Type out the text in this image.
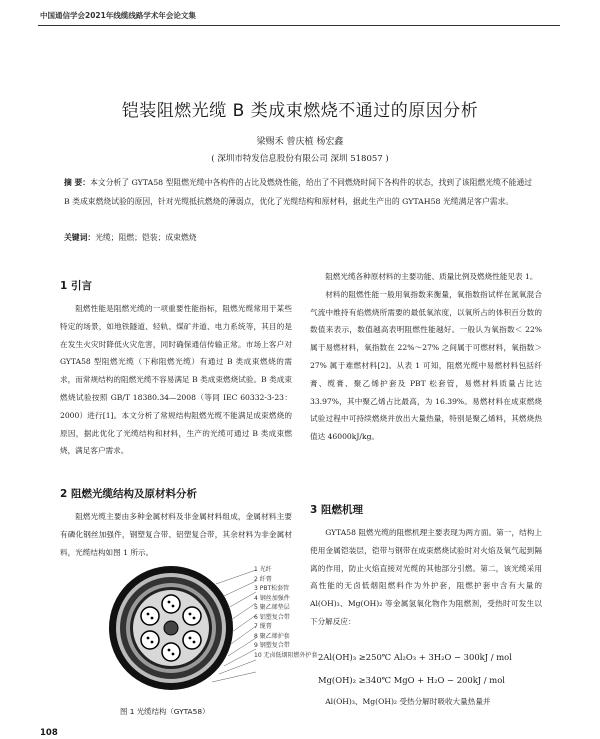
中国通信学会2021年线缆线路学术年会论文集
铠装阻燃光缆 B 类成束燃烧不通过的原因分析
梁赐禾 曾庆植 杨宏鑫
( 深圳市特发信息股份有限公司 深圳 518057 )
摘 要：本文分析了 GYTA58 型阻燃光缆中各构件的占比及燃烧性能，给出了不同燃烧时间下各构件的状态，找到了该阻燃光缆不能通过 B 类成束燃烧试验的原因，针对光缆抵抗燃烧的薄弱点，优化了光缆结构和原材料，据此生产出的 GYTAH58 光缆满足客户需求。
关键词：光缆；阻燃；铠装；成束燃烧
1 引言

阻燃性能是阻燃光缆的一项重要性能指标，阻燃光缆常用于某些特定的场景，如地铁隧道、轻轨、煤矿井道、电力系统等，其目的是在发生火灾时降低火灾危害，同时确保通信传输正常。市场上客户对 GYTA58 型阻燃光缆（下称阻燃光缆）有通过 B 类成束燃烧的需求，而常规结构的阻燃光缆不容易满足 B 类成束燃烧试验。B 类成束燃烧试验按照 GB/T 18380.34—2008（等同 IEC 60332-3-23：2000）进行[1]。本文分析了常规结构阻燃光缆不能满足成束燃烧的原因，据此优化了光缆结构和材料，生产的光缆可通过 B 类成束燃烧，满足客户需求。

2 阻燃光缆结构及原材料分析

阻燃光缆主要由多种金属材料及非金属材料组成，金属材料主要有磷化钢丝加强件，钢塑复合带、铝塑复合带，其余材料为非金属材料，光缆结构如图 1 所示。

1 光纤
2 纤膏
3 PBT松套管
4 钢丝加强件
5 聚乙烯垫层
6 铝塑复合带
7 缆膏
8 聚乙烯护套
9 钢塑复合带
10 无卤低烟阻燃外护套
图 1 光缆结构（GYTA58）

阻燃光缆各种原材料的主要功能、质量比例及燃烧性能见表 1。

材料的阻燃性能一般用氧指数来衡量，氧指数指试样在氮氧混合气流中维持有焰燃烧所需要的最低氧浓度，以氧所占的体积百分数的数值来表示，数值越高表明阻燃性能越好。一般认为氧指数＜ 22% 属于易燃材料，氧指数在 22%～27% 之间属于可燃材料，氧指数＞ 27% 属于难燃材料[2]。从表 1 可知，阻燃光缆中易燃材料包括纤膏、缆膏、聚乙烯护套及 PBT 松套管，易燃材料质量占比达 33.97%，其中聚乙烯占比最高，为 16.39%。易燃材料在成束燃烧试验过程中可持续燃烧并放出大量热量，特别是聚乙烯料，其燃烧热值达 46000kJ/kg。

3 阻燃机理

GYTA58 阻燃光缆的阻燃机理主要表现为两方面。第一，结构上使用金属铠装层，铠带与钢带在成束燃烧试验时对火焰及氧气起到隔离的作用，防止火焰直接对光缆的其他部分引燃。第二，该光缆采用高性能的无卤低烟阻燃料作为外护套，阻燃护套中含有大量的 Al(OH)₃、Mg(OH)₂ 等金属氢氧化物作为阻燃剂，受热时可发生以下分解反应：

2Al(OH)₃ ≥250℃ Al₂O₃ + 3H₂O − 300kJ / mol
Mg(OH)₂ ≥340℃ MgO + H₂O − 200kJ / mol

Al(OH)₃、Mg(OH)₂ 受热分解时吸收大量热量并

108
